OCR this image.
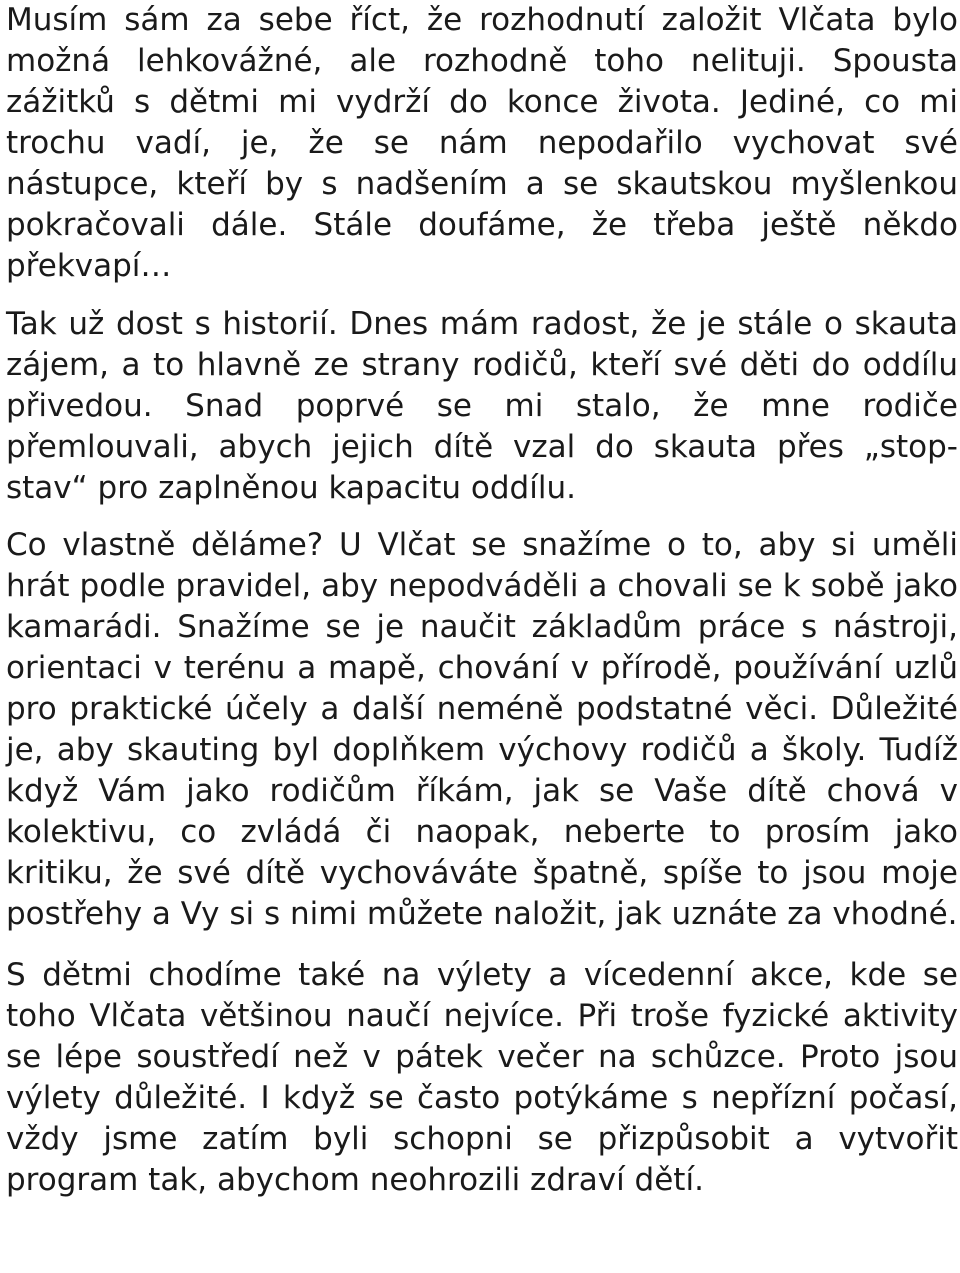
Musím sám za sebe říct, že rozhodnutí založit Vlčata bylo možná lehkovážné, ale rozhodně toho nelituji. Spousta zážitků s dětmi mi vydrží do konce života. Jediné, co mi trochu vadí, je, že se nám nepodařilo vychovat své nástupce, kteří by s nadšením a se skautskou myšlenkou pokračovali dále. Stále doufáme, že třeba ještě někdo překvapí…

Tak už dost s historií. Dnes mám radost, že je stále o skauta zájem, a to hlavně ze strany rodičů, kteří své děti do oddílu přivedou. Snad poprvé se mi stalo, že mne rodiče přemlouvali, abych jejich dítě vzal do skauta přes „stop-stav“ pro zaplněnou kapacitu oddílu.

Co vlastně děláme? U Vlčat se snažíme o to, aby si uměli hrát podle pravidel, aby nepodváděli a chovali se k sobě jako kamarádi. Snažíme se je naučit základům práce s nástroji, orientaci v terénu a mapě, chování v přírodě, používání uzlů pro praktické účely a další neméně podstatné věci. Důležité je, aby skauting byl doplňkem výchovy rodičů a školy. Tudíž když Vám jako rodičům říkám, jak se Vaše dítě chová v kolektivu, co zvládá či naopak, neberte to prosím jako kritiku, že své dítě vychováváte špatně, spíše to jsou moje postřehy a Vy si s nimi můžete naložit, jak uznáte za vhodné.

S dětmi chodíme také na výlety a vícedenní akce, kde se toho Vlčata většinou naučí nejvíce. Při troše fyzické aktivity se lépe soustředí než v pátek večer na schůzce. Proto jsou výlety důležité. I když se často potýkáme s nepřízní počasí, vždy jsme zatím byli schopni se přizpůsobit a vytvořit program tak, abychom neohrozili zdraví dětí.
